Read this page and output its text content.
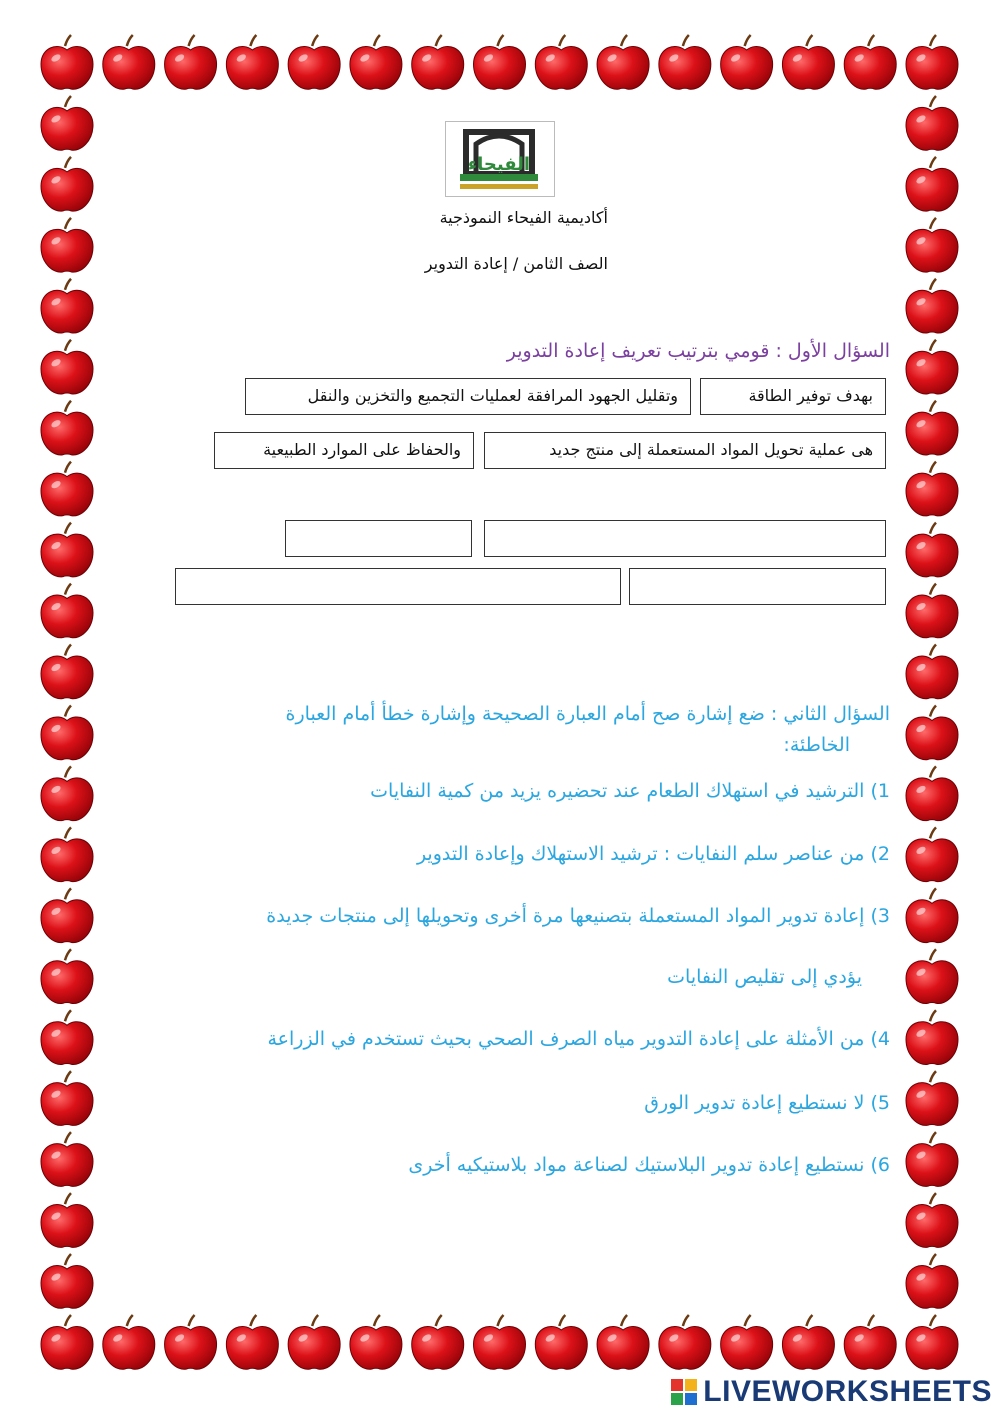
الفيحاء
أكاديمية الفيحاء النموذجية
الصف الثامن / إعادة التدوير
السؤال الأول : قومي بترتيب تعريف إعادة التدوير
بهدف توفير الطاقة
وتقليل الجهود المرافقة لعمليات التجميع والتخزين والنقل
هى عملية تحويل المواد المستعملة إلى منتج جديد
والحفاظ على الموارد الطبيعية
السؤال الثاني : ضع إشارة صح أمام العبارة الصحيحة وإشارة خطأ أمام العبارة
الخاطئة:
1) الترشيد في استهلاك الطعام عند تحضيره يزيد من كمية النفايات
2) من عناصر سلم النفايات : ترشيد الاستهلاك وإعادة التدوير
3) إعادة تدوير المواد المستعملة بتصنيعها مرة أخرى وتحويلها إلى منتجات جديدة
يؤدي إلى تقليص النفايات
4) من الأمثلة على إعادة التدوير مياه الصرف الصحي بحيث تستخدم في الزراعة
5) لا نستطيع إعادة تدوير الورق
6) نستطيع إعادة تدوير البلاستيك لصناعة مواد بلاستيكيه أخرى
LIVEWORKSHEETS
